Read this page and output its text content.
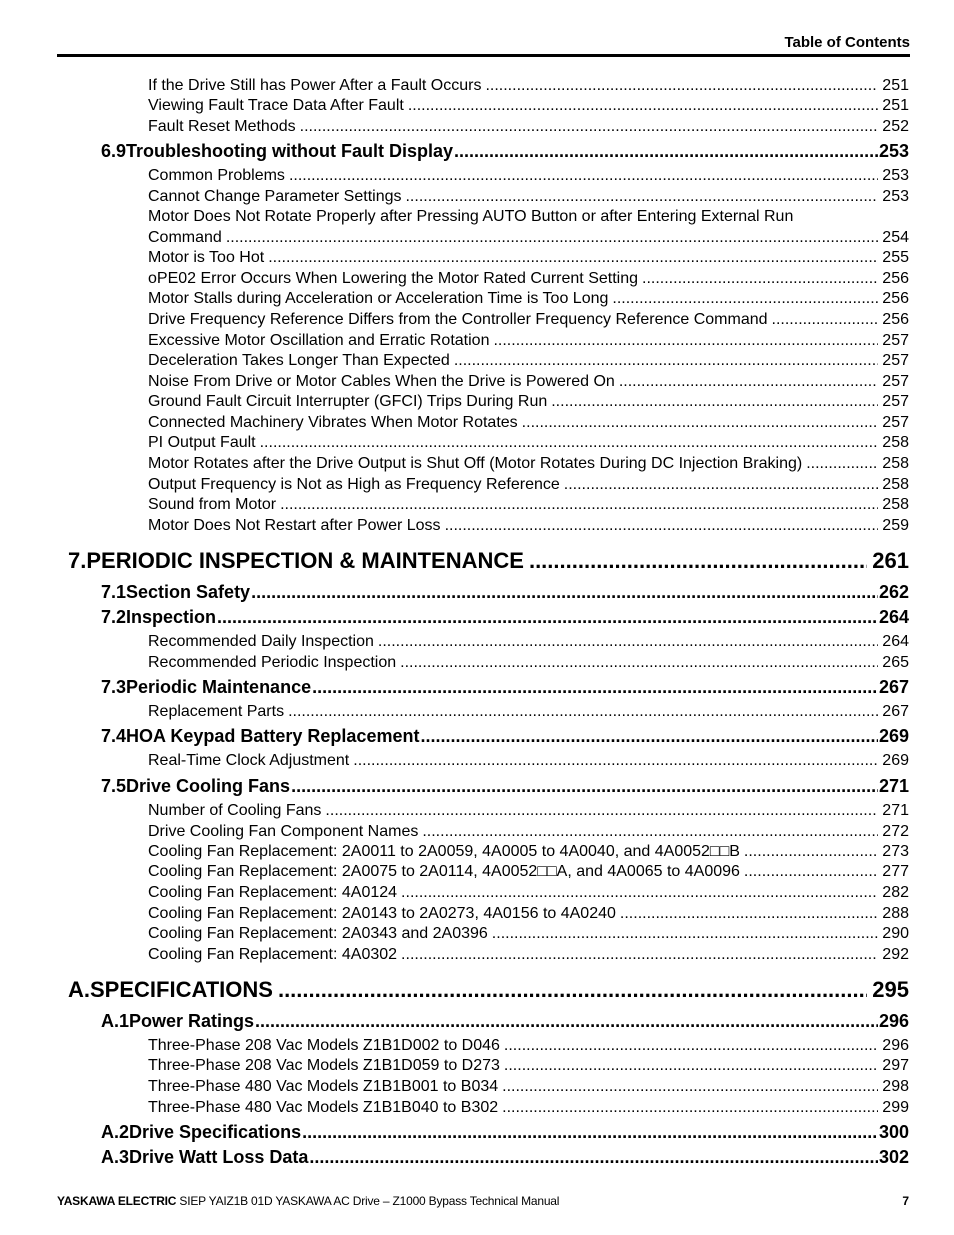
Table of Contents
If the Drive Still has Power After a Fault Occurs .....	251
Viewing Fault Trace Data After Fault .....	251
Fault Reset Methods .....	252
6.9 Troubleshooting without Fault Display .....	253
Common Problems .....	253
Cannot Change Parameter Settings .....	253
Motor Does Not Rotate Properly after Pressing AUTO Button or after Entering External Run
Command .....	254
Motor is Too Hot .....	255
oPE02 Error Occurs When Lowering the Motor Rated Current Setting .....	256
Motor Stalls during Acceleration or Acceleration Time is Too Long .....	256
Drive Frequency Reference Differs from the Controller Frequency Reference Command .....	256
Excessive Motor Oscillation and Erratic Rotation .....	257
Deceleration Takes Longer Than Expected .....	257
Noise From Drive or Motor Cables When the Drive is Powered On .....	257
Ground Fault Circuit Interrupter (GFCI) Trips During Run .....	257
Connected Machinery Vibrates When Motor Rotates .....	257
PI Output Fault .....	258
Motor Rotates after the Drive Output is Shut Off (Motor Rotates During DC Injection Braking) .....	258
Output Frequency is Not as High as Frequency Reference .....	258
Sound from Motor .....	258
Motor Does Not Restart after Power Loss .....	259
7. PERIODIC INSPECTION & MAINTENANCE .....	261
7.1 Section Safety .....	262
7.2 Inspection .....	264
Recommended Daily Inspection .....	264
Recommended Periodic Inspection .....	265
7.3 Periodic Maintenance .....	267
Replacement Parts .....	267
7.4 HOA Keypad Battery Replacement .....	269
Real-Time Clock Adjustment .....	269
7.5 Drive Cooling Fans .....	271
Number of Cooling Fans .....	271
Drive Cooling Fan Component Names .....	272
Cooling Fan Replacement: 2A0011 to 2A0059, 4A0005 to 4A0040, and 4A0052□□B .....	273
Cooling Fan Replacement: 2A0075 to 2A0114, 4A0052□□A, and 4A0065 to 4A0096 .....	277
Cooling Fan Replacement: 4A0124 .....	282
Cooling Fan Replacement: 2A0143 to 2A0273, 4A0156 to 4A0240 .....	288
Cooling Fan Replacement: 2A0343 and 2A0396 .....	290
Cooling Fan Replacement: 4A0302 .....	292
A. SPECIFICATIONS .....	295
A.1 Power Ratings .....	296
Three-Phase 208 Vac Models Z1B1D002 to D046 .....	296
Three-Phase 208 Vac Models Z1B1D059 to D273 .....	297
Three-Phase 480 Vac Models Z1B1B001 to B034 .....	298
Three-Phase 480 Vac Models Z1B1B040 to B302 .....	299
A.2 Drive Specifications .....	300
A.3 Drive Watt Loss Data .....	302
YASKAWA ELECTRIC SIEP YAIZ1B 01D YASKAWA AC Drive – Z1000 Bypass Technical Manual	7
